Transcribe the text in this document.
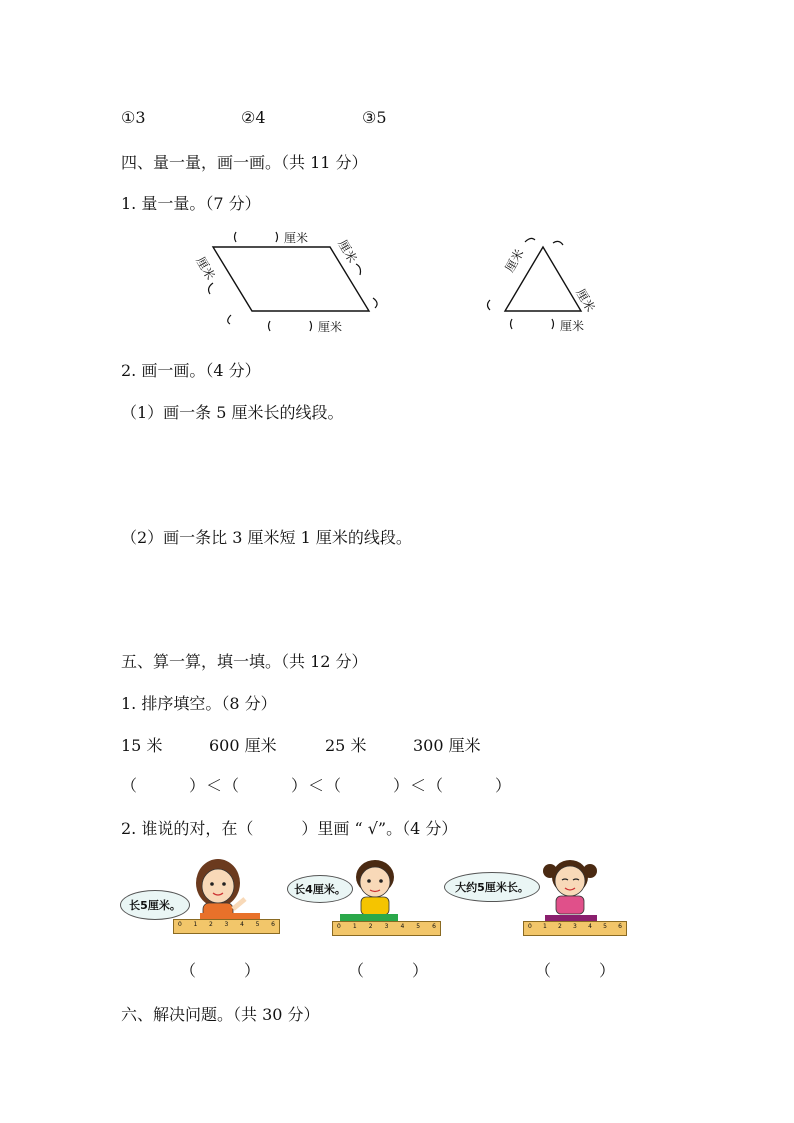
①3	②4	③5
四、量一量，画一画。（共 11 分）
1. 量一量。（7 分）
厘米
厘米
厘米
厘米	厘米
厘米
厘米
2. 画一画。（4 分）
（1）画一条 5 厘米长的线段。
（2）画一条比 3 厘米短 1 厘米的线段。
五、算一算，填一填。（共 12 分）
1. 排序填空。（8 分）
15 米	600 厘米	25 米	300 厘米
（　　　）＜（　　　）＜（　　　）＜（　　　）
2. 谁说的对，在（　　　）里画 “ √”。（4 分）
长5厘米。
0 1 2 3 4 5 6
长4厘米。
0 1 2 3 4 5 6
大约5厘米长。
0 1 2 3 4 5 6
（　　　）	（　　　）	（　　　）
六、解决问题。（共 30 分）
